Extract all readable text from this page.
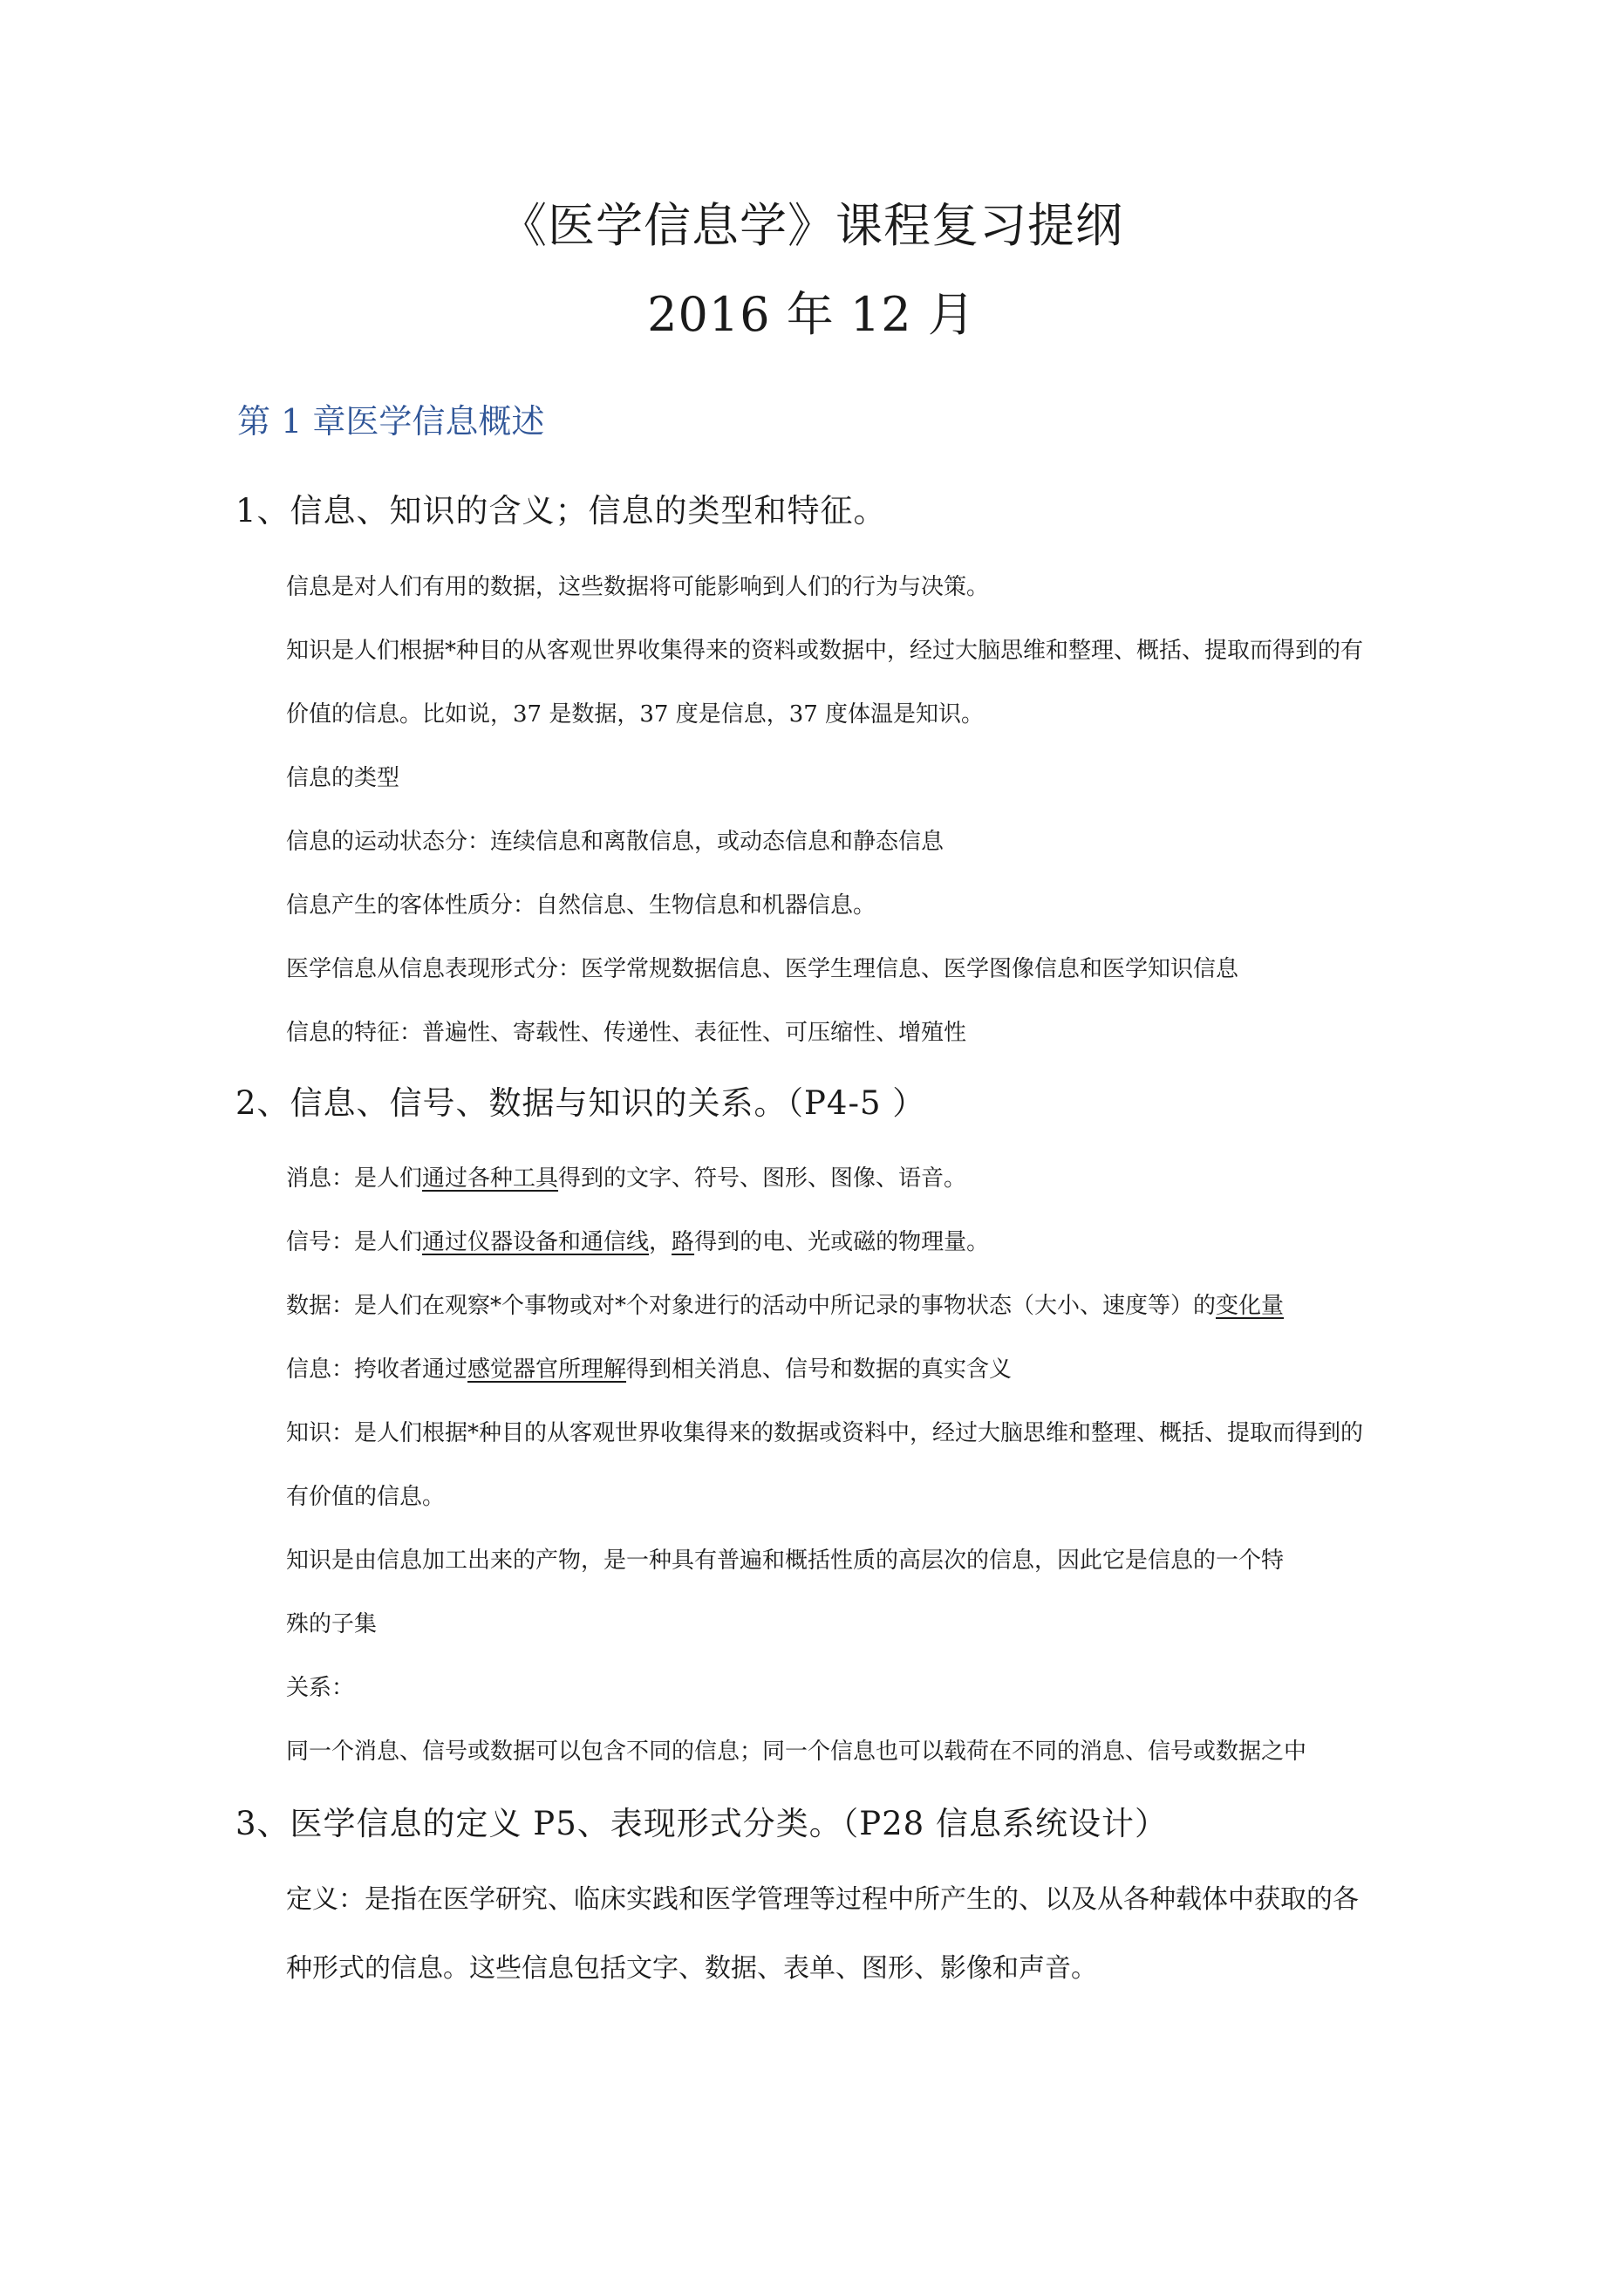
《医学信息学》课程复习提纲
2016 年 12 月
第 1 章医学信息概述
1、信息、知识的含义；信息的类型和特征。
信息是对人们有用的数据，这些数据将可能影响到人们的行为与决策。
知识是人们根据*种目的从客观世界收集得来的资料或数据中，经过大脑思维和整理、概括、提取而得到的有
价值的信息。比如说，37 是数据，37 度是信息，37 度体温是知识。
信息的类型
信息的运动状态分：连续信息和离散信息，或动态信息和静态信息
信息产生的客体性质分：自然信息、生物信息和机器信息。
医学信息从信息表现形式分：医学常规数据信息、医学生理信息、医学图像信息和医学知识信息
信息的特征：普遍性、寄载性、传递性、表征性、可压缩性、增殖性
2、信息、信号、数据与知识的关系。（P4-5 ）
消息：是人们通过各种工具得到的文字、符号、图形、图像、语音。
信号：是人们通过仪器设备和通信线，路得到的电、光或磁的物理量。
数据：是人们在观察*个事物或对*个对象进行的活动中所记录的事物状态（大小、速度等）的变化量
信息：挎收者通过感觉器官所理解得到相关消息、信号和数据的真实含义
知识：是人们根据*种目的从客观世界收集得来的数据或资料中，经过大脑思维和整理、概括、提取而得到的
有价值的信息。
知识是由信息加工出来的产物，是一种具有普遍和概括性质的高层次的信息，因此它是信息的一个特
殊的子集
关系：
同一个消息、信号或数据可以包含不同的信息；同一个信息也可以载荷在不同的消息、信号或数据之中
3、医学信息的定义 P5、表现形式分类。（P28 信息系统设计）
定义：是指在医学研究、临床实践和医学管理等过程中所产生的、以及从各种载体中获取的各
种形式的信息。这些信息包括文字、数据、表单、图形、影像和声音。
